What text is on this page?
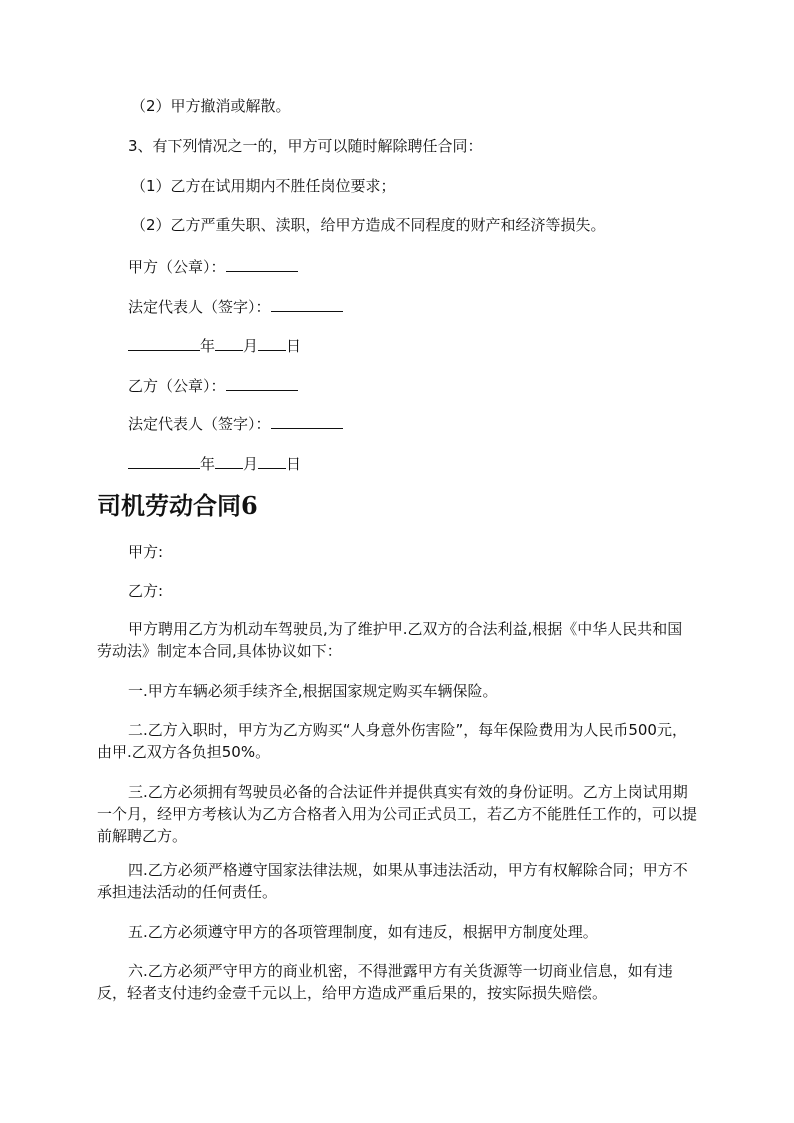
（2）甲方撤消或解散。

3、有下列情况之一的，甲方可以随时解除聘任合同：

（1）乙方在试用期内不胜任岗位要求；

（2）乙方严重失职、渎职，给甲方造成不同程度的财产和经济等损失。

甲方（公章）：

法定代表人（签字）：

年 月 日

乙方（公章）：

法定代表人（签字）：

年 月 日

司机劳动合同6

甲方:

乙方:

甲方聘用乙方为机动车驾驶员,为了维护甲.乙双方的合法利益,根据《中华人民共和国劳动法》制定本合同,具体协议如下：

一.甲方车辆必须手续齐全,根据国家规定购买车辆保险。

二.乙方入职时，甲方为乙方购买“人身意外伤害险”，每年保险费用为人民币500元，由甲.乙双方各负担50%。

三.乙方必须拥有驾驶员必备的合法证件并提供真实有效的身份证明。乙方上岗试用期一个月，经甲方考核认为乙方合格者入用为公司正式员工，若乙方不能胜任工作的，可以提前解聘乙方。

四.乙方必须严格遵守国家法律法规，如果从事违法活动，甲方有权解除合同；甲方不承担违法活动的任何责任。

五.乙方必须遵守甲方的各项管理制度，如有违反，根据甲方制度处理。

六.乙方必须严守甲方的商业机密，不得泄露甲方有关货源等一切商业信息，如有违反，轻者支付违约金壹千元以上，给甲方造成严重后果的，按实际损失赔偿。
